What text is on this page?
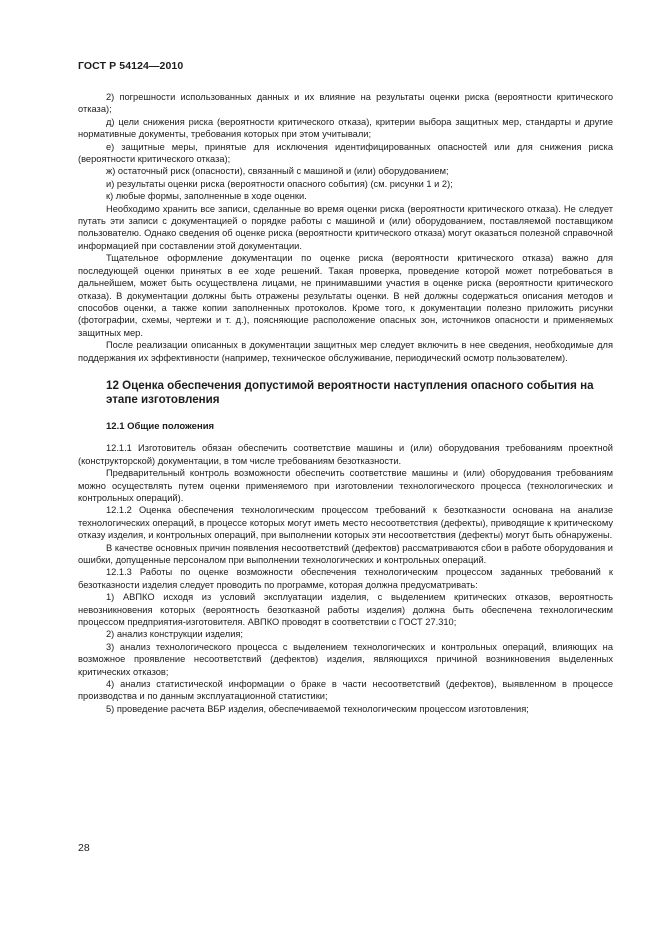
ГОСТ Р 54124—2010

2) погрешности использованных данных и их влияние на результаты оценки риска (вероятности критического отказа);

д) цели снижения риска (вероятности критического отказа), критерии выбора защитных мер, стандарты и другие нормативные документы, требования которых при этом учитывали;

е) защитные меры, принятые для исключения идентифицированных опасностей или для снижения риска (вероятности критического отказа);

ж) остаточный риск (опасности), связанный с машиной и (или) оборудованием;

и) результаты оценки риска (вероятности опасного события) (см. рисунки 1 и 2);

к) любые формы, заполненные в ходе оценки.

Необходимо хранить все записи, сделанные во время оценки риска (вероятности критического отказа). Не следует путать эти записи с документацией о порядке работы с машиной и (или) оборудованием, поставляемой поставщиком пользователю. Однако сведения об оценке риска (вероятности критического отказа) могут оказаться полезной справочной информацией при составлении этой документации.

Тщательное оформление документации по оценке риска (вероятности критического отказа) важно для последующей оценки принятых в ее ходе решений. Такая проверка, проведение которой может потребоваться в дальнейшем, может быть осуществлена лицами, не принимавшими участия в оценке риска (вероятности критического отказа). В документации должны быть отражены результаты оценки. В ней должны содержаться описания методов и способов оценки, а также копии заполненных протоколов. Кроме того, к документации полезно приложить рисунки (фотографии, схемы, чертежи и т. д.), поясняющие расположение опасных зон, источников опасности и применяемых защитных мер.

После реализации описанных в документации защитных мер следует включить в нее сведения, необходимые для поддержания их эффективности (например, техническое обслуживание, периодический осмотр пользователем).

12 Оценка обеспечения допустимой вероятности наступления опасного события на этапе изготовления
12.1 Общие положения

12.1.1 Изготовитель обязан обеспечить соответствие машины и (или) оборудования требованиям проектной (конструкторской) документации, в том числе требованиям безотказности.

Предварительный контроль возможности обеспечить соответствие машины и (или) оборудования требованиям можно осуществлять путем оценки применяемого при изготовлении технологического процесса (технологических и контрольных операций).

12.1.2 Оценка обеспечения технологическим процессом требований к безотказности основана на анализе технологических операций, в процессе которых могут иметь место несоответствия (дефекты), приводящие к критическому отказу изделия, и контрольных операций, при выполнении которых эти несоответствия (дефекты) могут быть обнаружены.

В качестве основных причин появления несоответствий (дефектов) рассматриваются сбои в работе оборудования и ошибки, допущенные персоналом при выполнении технологических и контрольных операций.

12.1.3 Работы по оценке возможности обеспечения технологическим процессом заданных требований к безотказности изделия следует проводить по программе, которая должна предусматривать:

1) АВПКО исходя из условий эксплуатации изделия, с выделением критических отказов, вероятность невозникновения которых (вероятность безотказной работы изделия) должна быть обеспечена технологическим процессом предприятия-изготовителя. АВПКО проводят в соответствии с ГОСТ 27.310;

2) анализ конструкции изделия;

3) анализ технологического процесса с выделением технологических и контрольных операций, влияющих на возможное проявление несоответствий (дефектов) изделия, являющихся причиной возникновения выделенных критических отказов;

4) анализ статистической информации о браке в части несоответствий (дефектов), выявленном в процессе производства и по данным эксплуатационной статистики;

5) проведение расчета ВБР изделия, обеспечиваемой технологическим процессом изготовления;

28
